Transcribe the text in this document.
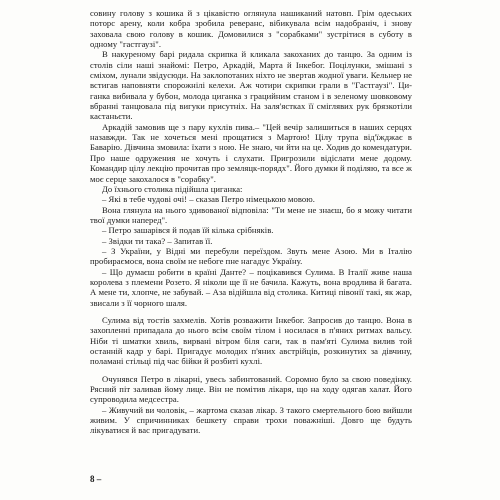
совину голову з кошика й з цікавістю оглянула нашиканий натовп. Грім одеських поторс арену, коли кобра зробила реверанс, вібикувала всім надобраніч, і знову заховала свою голову в кошик. Домовилися з "сорабками" зустрітися в суботу в одному "гастгаузі".

В накуреному барі ридала скрипка й кликала закоханих до танцю. За одним із столів сіли наші знайомі: Петро, Аркадій, Марта й Інкебог. Поцілунки, змішані з сміхом, лунали звідусюди. На заклопотаних ніхто не звертав жодної уваги. Кельнер не встигав наповняти спорожнілі келехи. Аж чотири скрипки грали в "Гастгаузі". Циганка вибивала у бубон, молода циганка з грацийним станом і в зеленому шовковому вбранні танцювала під вигуки присутніх. На заля'ястках її сміглявих рук брязкотіли кастаньєти.

Аркадій замовив ще з пару кухлів пива.– "Цей вечір залишиться в наших серцях назавжди. Так не хочеться мені прощатися з Мартою! Цілу трупа від'їжджає в Баварію. Дівчина змовила: їхати з ною. Не знаю, чи йти на це. Ходив до комендатури. Про наше одружения не хочуть і слухати. Пригрозили відіслати мене додому. Командир цілу лекцію прочитав про земляцк-порядх". Його думки й поділяю, та все ж моє серце закохалося в "сорабку".

До їхнього столика підійшла циганка:

– Які в тебе чудові очі! – сказав Петро німецькою мовою.

Вона глянула на нього здивованої відповіла: "Ти мене не знаєш, бо я можу читати твої думки наперед".

– Петро зашарівся й подав їй кілька срібняків.

– Звідки ти така? – Запитав її.

– З України, у Відні ми перебули переїздом. Звуть мене Азою. Ми в Італію пробираємося, вона своїм не небоге пне нагадує Україну.

– Що думаєш робити в країні Данте? – поцікавився Сулима. В Італії живе наша королева з племени Розето. Я ніколи ще її не бачила. Кажуть, вона вродлива й багата. А мене ти, хлопче, не забувай. – Аза відійшла від столика. Китиці півонії такі, як жар, звисали з її чорного шаля.

Сулима від тостів захмелів. Хотів розважити Інкебог. Запросив до танцю. Вона в захопленні припадала до нього всім своїм тілом і носилася в п'яних ритмах вальсу. Ніби ті шматки хвиль, вирвані вітром біля саги, так в пам'яті Сулима вилив той останній кадр у барі. Пригадує молодих п'яних австрійців, розкинутих за дівчину, поламані стільці під час бійки й розбиті кухлі.

Очунявся Петро в лікарні, увесь забинтований. Соромно було за свою поведінку. Рясний піт заливав йому лице. Він не помітив лікаря, що на ходу одягав халат. Його супроводила медсестра.

– Живучий ви чоловік, – жартома сказав лікар. З такого смертельного бою вийшли живим. У спричинниках бешкету справи трохи поважніші. Довго ще будуть лікуватися й вас пригадувати.

8 –
